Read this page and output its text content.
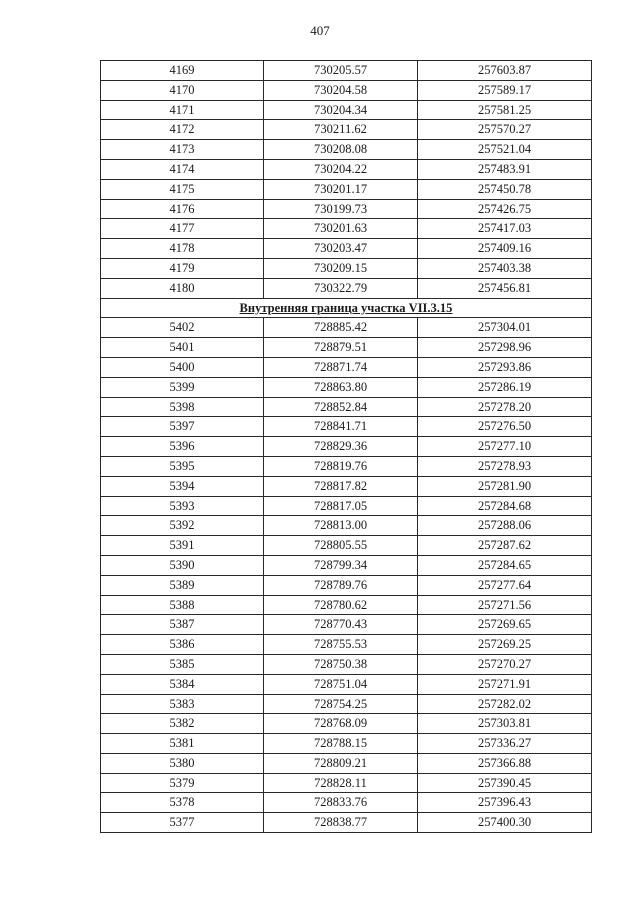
407
4169	730205.57	257603.87
4170	730204.58	257589.17
4171	730204.34	257581.25
4172	730211.62	257570.27
4173	730208.08	257521.04
4174	730204.22	257483.91
4175	730201.17	257450.78
4176	730199.73	257426.75
4177	730201.63	257417.03
4178	730203.47	257409.16
4179	730209.15	257403.38
4180	730322.79	257456.81
Внутренняя граница участка VII.3.15		
5402	728885.42	257304.01
5401	728879.51	257298.96
5400	728871.74	257293.86
5399	728863.80	257286.19
5398	728852.84	257278.20
5397	728841.71	257276.50
5396	728829.36	257277.10
5395	728819.76	257278.93
5394	728817.82	257281.90
5393	728817.05	257284.68
5392	728813.00	257288.06
5391	728805.55	257287.62
5390	728799.34	257284.65
5389	728789.76	257277.64
5388	728780.62	257271.56
5387	728770.43	257269.65
5386	728755.53	257269.25
5385	728750.38	257270.27
5384	728751.04	257271.91
5383	728754.25	257282.02
5382	728768.09	257303.81
5381	728788.15	257336.27
5380	728809.21	257366.88
5379	728828.11	257390.45
5378	728833.76	257396.43
5377	728838.77	257400.30
